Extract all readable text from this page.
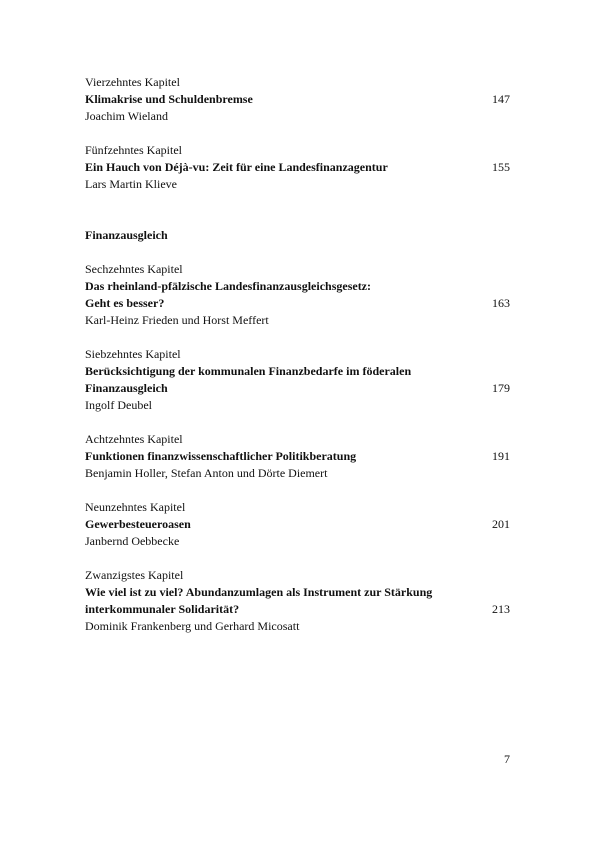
Vierzehntes Kapitel
Klimakrise und Schuldenbremse	147
Joachim Wieland
Fünfzehntes Kapitel
Ein Hauch von Déjà-vu: Zeit für eine Landesfinanzagentur	155
Lars Martin Klieve
Finanzausgleich
Sechzehntes Kapitel
Das rheinland-pfälzische Landesfinanzausgleichsgesetz:
Geht es besser?	163
Karl-Heinz Frieden und Horst Meffert
Siebzehntes Kapitel
Berücksichtigung der kommunalen Finanzbedarfe im föderalen
Finanzausgleich	179
Ingolf Deubel
Achtzehntes Kapitel
Funktionen finanzwissenschaftlicher Politikberatung	191
Benjamin Holler, Stefan Anton und Dörte Diemert
Neunzehntes Kapitel
Gewerbesteueroasen	201
Janbernd Oebbecke
Zwanzigstes Kapitel
Wie viel ist zu viel? Abundanzumlagen als Instrument zur Stärkung
interkommunaler Solidarität?	213
Dominik Frankenberg und Gerhard Micosatt
7
